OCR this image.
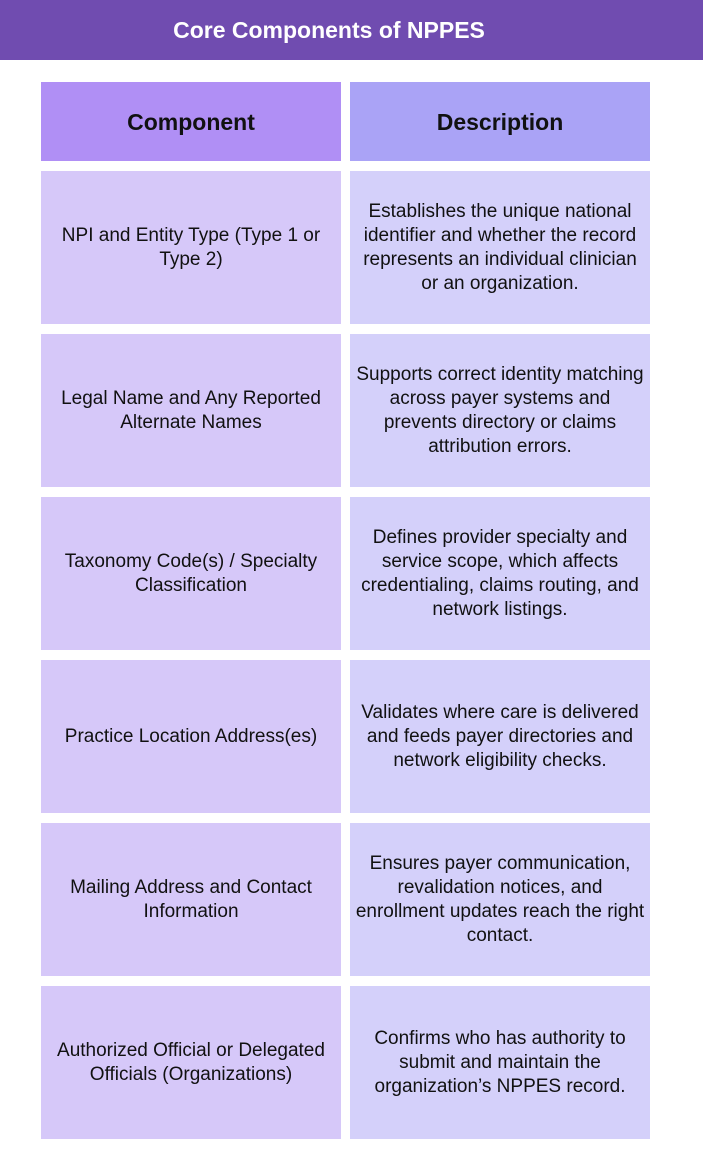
Core Components of NPPES
Component	Description
NPI and Entity Type (Type 1 or Type 2)
Establishes the unique national identifier and whether the record represents an individual clinician or an organization.
Legal Name and Any Reported Alternate Names
Supports correct identity matching across payer systems and prevents directory or claims attribution errors.
Taxonomy Code(s) / Specialty Classification
Defines provider specialty and service scope, which affects credentialing, claims routing, and network listings.
Practice Location Address(es)
Validates where care is delivered and feeds payer directories and network eligibility checks.
Mailing Address and Contact Information
Ensures payer communication, revalidation notices, and enrollment updates reach the right contact.
Authorized Official or Delegated Officials (Organizations)
Confirms who has authority to submit and maintain the organization’s NPPES record.
